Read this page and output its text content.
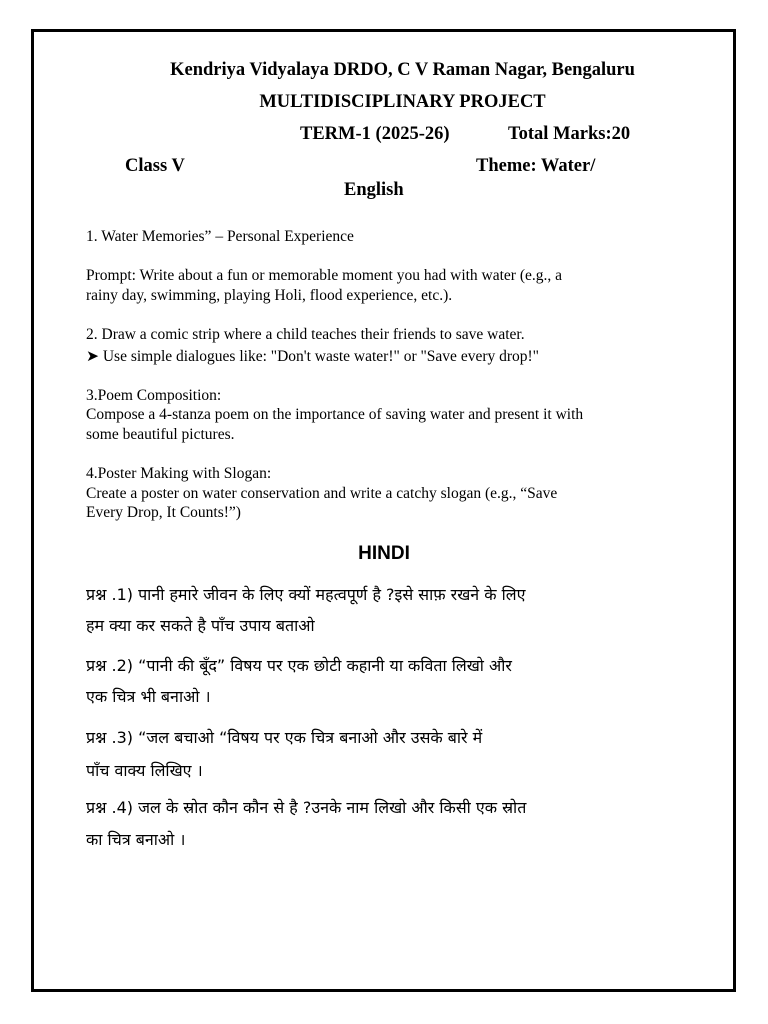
Kendriya Vidyalaya DRDO, C V Raman Nagar, Bengaluru
MULTIDISCIPLINARY PROJECT
TERM-1 (2025-26)	Total Marks:20
Class V	Theme: Water/
English
1. Water Memories” – Personal Experience
Prompt: Write about a fun or memorable moment you had with water (e.g., a
rainy day, swimming, playing Holi, flood experience, etc.).
2. Draw a comic strip where a child teaches their friends to save water.
➤ Use simple dialogues like: "Don't waste water!" or "Save every drop!"
3.Poem Composition:
Compose a 4-stanza poem on the importance of saving water and present it with
some beautiful pictures.
4.Poster Making with Slogan:
Create a poster on water conservation and write a catchy slogan (e.g., “Save
Every Drop, It Counts!”)
HINDI
प्रश्न .1) पानी हमारे जीवन के लिए क्यों महत्वपूर्ण है ?इसे साफ़ रखने के लिए
हम क्या कर सकते है पाँच उपाय बताओ
प्रश्न .2) “पानी की बूँद” विषय पर एक छोटी कहानी या कविता लिखो और
एक चित्र भी बनाओ ।
प्रश्न .3) “जल बचाओ “विषय पर एक चित्र बनाओ और उसके बारे में
पाँच वाक्य लिखिए ।
प्रश्न .4) जल के स्रोत कौन कौन से है ?उनके नाम लिखो और किसी एक स्रोत
का चित्र बनाओ ।
